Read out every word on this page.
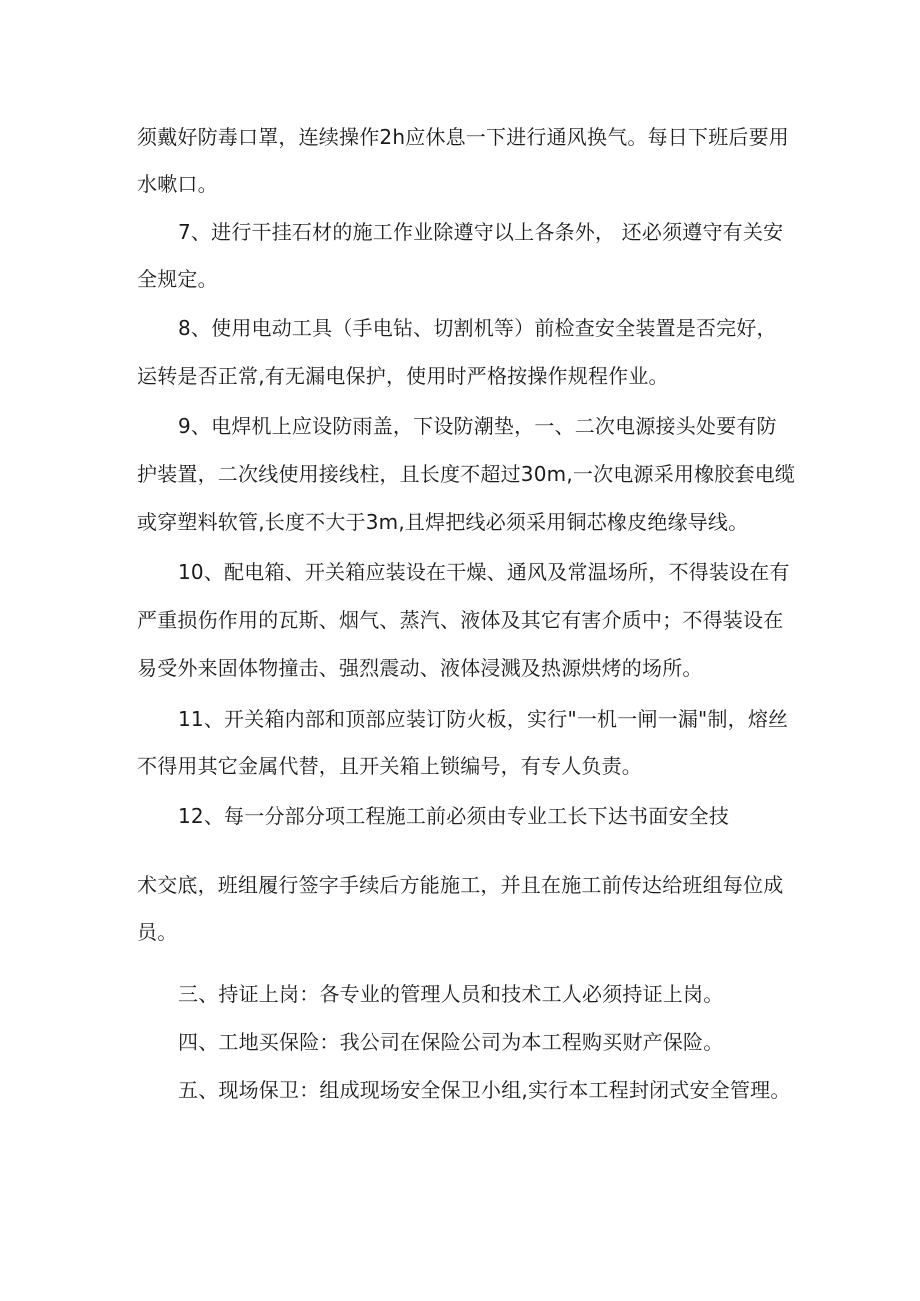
须戴好防毒口罩，连续操作2h应休息一下进行通风换气。每日下班后要用
水嗽口。
7、进行干挂石材的施工作业除遵守以上各条外， 还必须遵守有关安
全规定。
8、使用电动工具（手电钻、切割机等）前检查安全装置是否完好，
运转是否正常,有无漏电保护，使用时严格按操作规程作业。
9、电焊机上应设防雨盖，下设防潮垫，一、二次电源接头处要有防
护装置，二次线使用接线柱，且长度不超过30m,一次电源采用橡胶套电缆
或穿塑料软管,长度不大于3m,且焊把线必须采用铜芯橡皮绝缘导线。
10、配电箱、开关箱应装设在干燥、通风及常温场所，不得装设在有
严重损伤作用的瓦斯、烟气、蒸汽、液体及其它有害介质中；不得装设在
易受外来固体物撞击、强烈震动、液体浸溅及热源烘烤的场所。
11、开关箱内部和顶部应装订防火板，实行"一机一闸一漏"制，熔丝
不得用其它金属代替，且开关箱上锁编号，有专人负责。
12、每一分部分项工程施工前必须由专业工长下达书面安全技
术交底，班组履行签字手续后方能施工，并且在施工前传达给班组每位成
员。
三、持证上岗：各专业的管理人员和技术工人必须持证上岗。
四、工地买保险：我公司在保险公司为本工程购买财产保险。
五、现场保卫：组成现场安全保卫小组,实行本工程封闭式安全管理。
